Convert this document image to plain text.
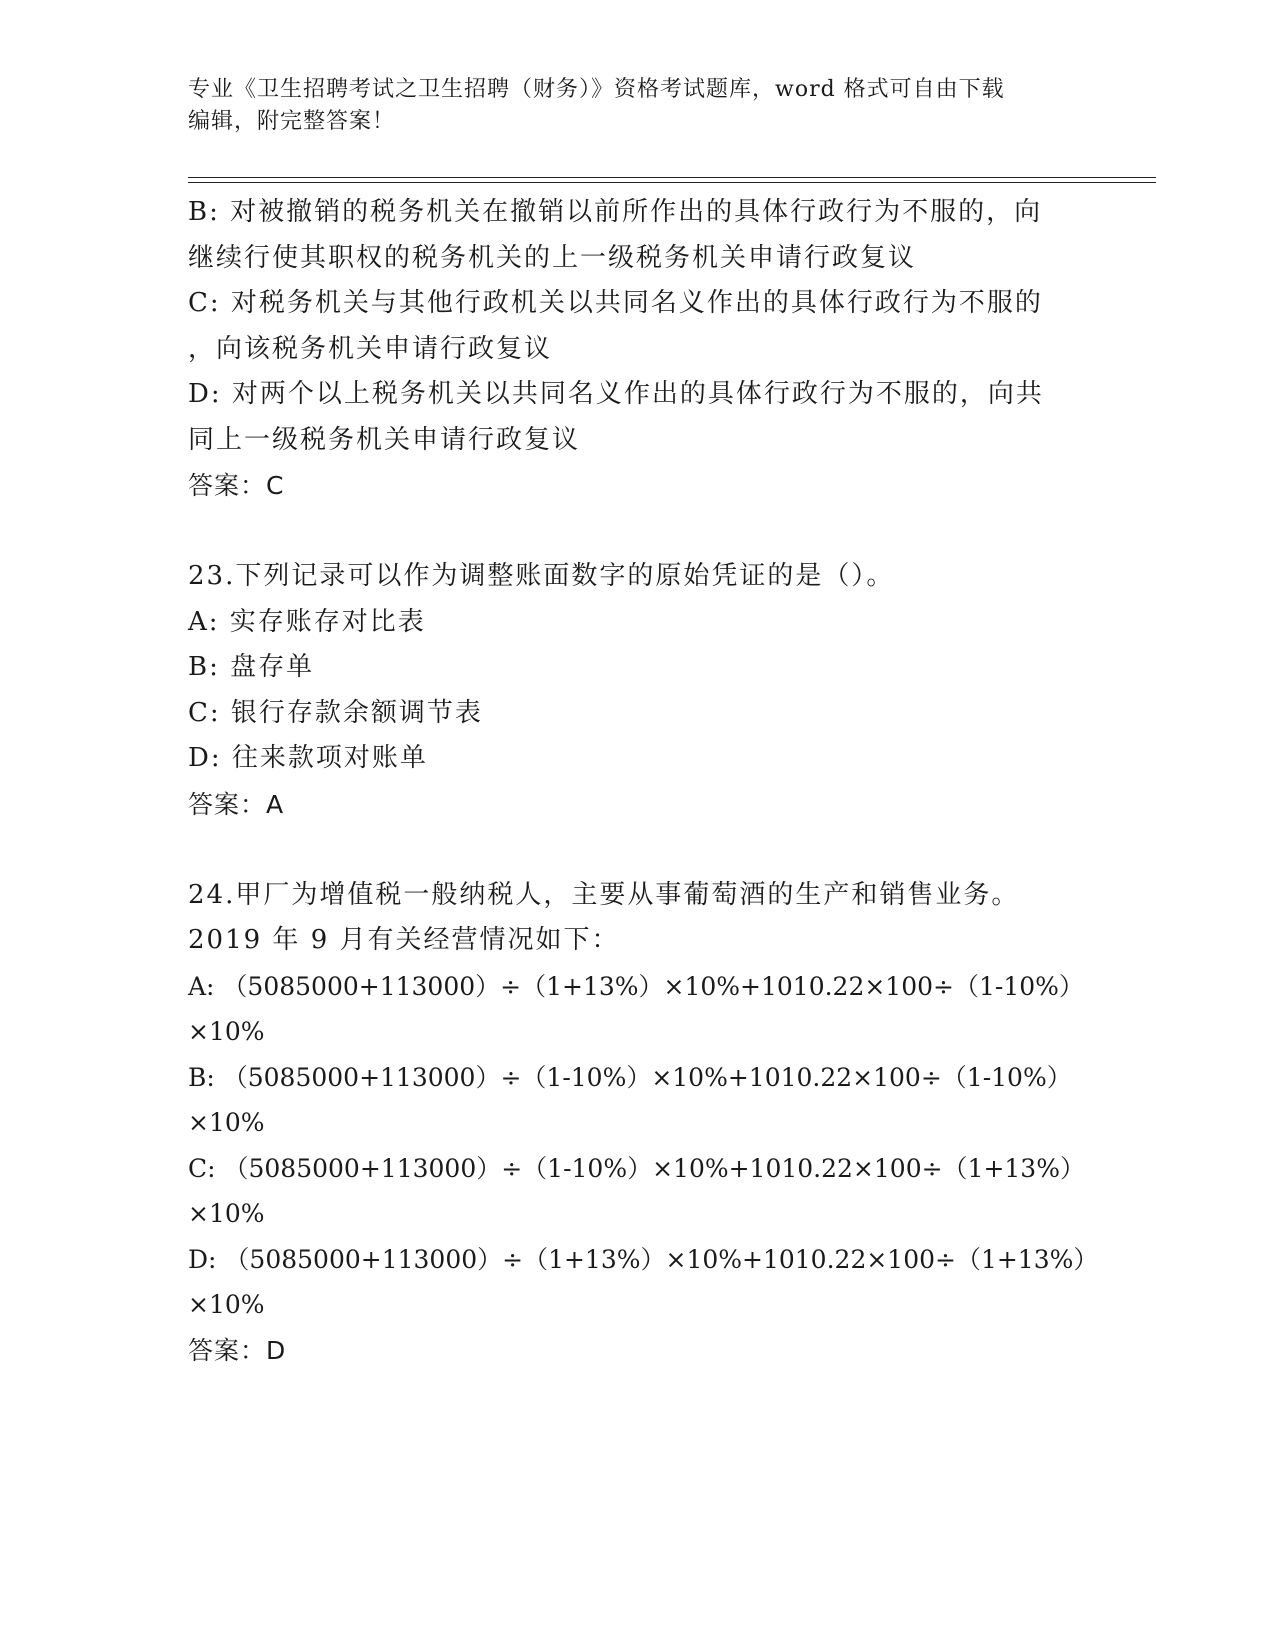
专业《卫生招聘考试之卫生招聘（财务）》资格考试题库，word 格式可自由下载
编辑，附完整答案！
B: 对被撤销的税务机关在撤销以前所作出的具体行政行为不服的，向
继续行使其职权的税务机关的上一级税务机关申请行政复议
C: 对税务机关与其他行政机关以共同名义作出的具体行政行为不服的
，向该税务机关申请行政复议
D: 对两个以上税务机关以共同名义作出的具体行政行为不服的，向共
同上一级税务机关申请行政复议
答案：C
23.下列记录可以作为调整账面数字的原始凭证的是（）。
A: 实存账存对比表
B: 盘存单
C: 银行存款余额调节表
D: 往来款项对账单
答案：A
24.甲厂为增值税一般纳税人，主要从事葡萄酒的生产和销售业务。
2019 年 9 月有关经营情况如下：
A: （5085000+113000）÷（1+13%）×10%+1010.22×100÷（1-10%）
×10%
B: （5085000+113000）÷（1-10%）×10%+1010.22×100÷（1-10%）
×10%
C: （5085000+113000）÷（1-10%）×10%+1010.22×100÷（1+13%）
×10%
D: （5085000+113000）÷（1+13%）×10%+1010.22×100÷（1+13%）
×10%
答案：D
